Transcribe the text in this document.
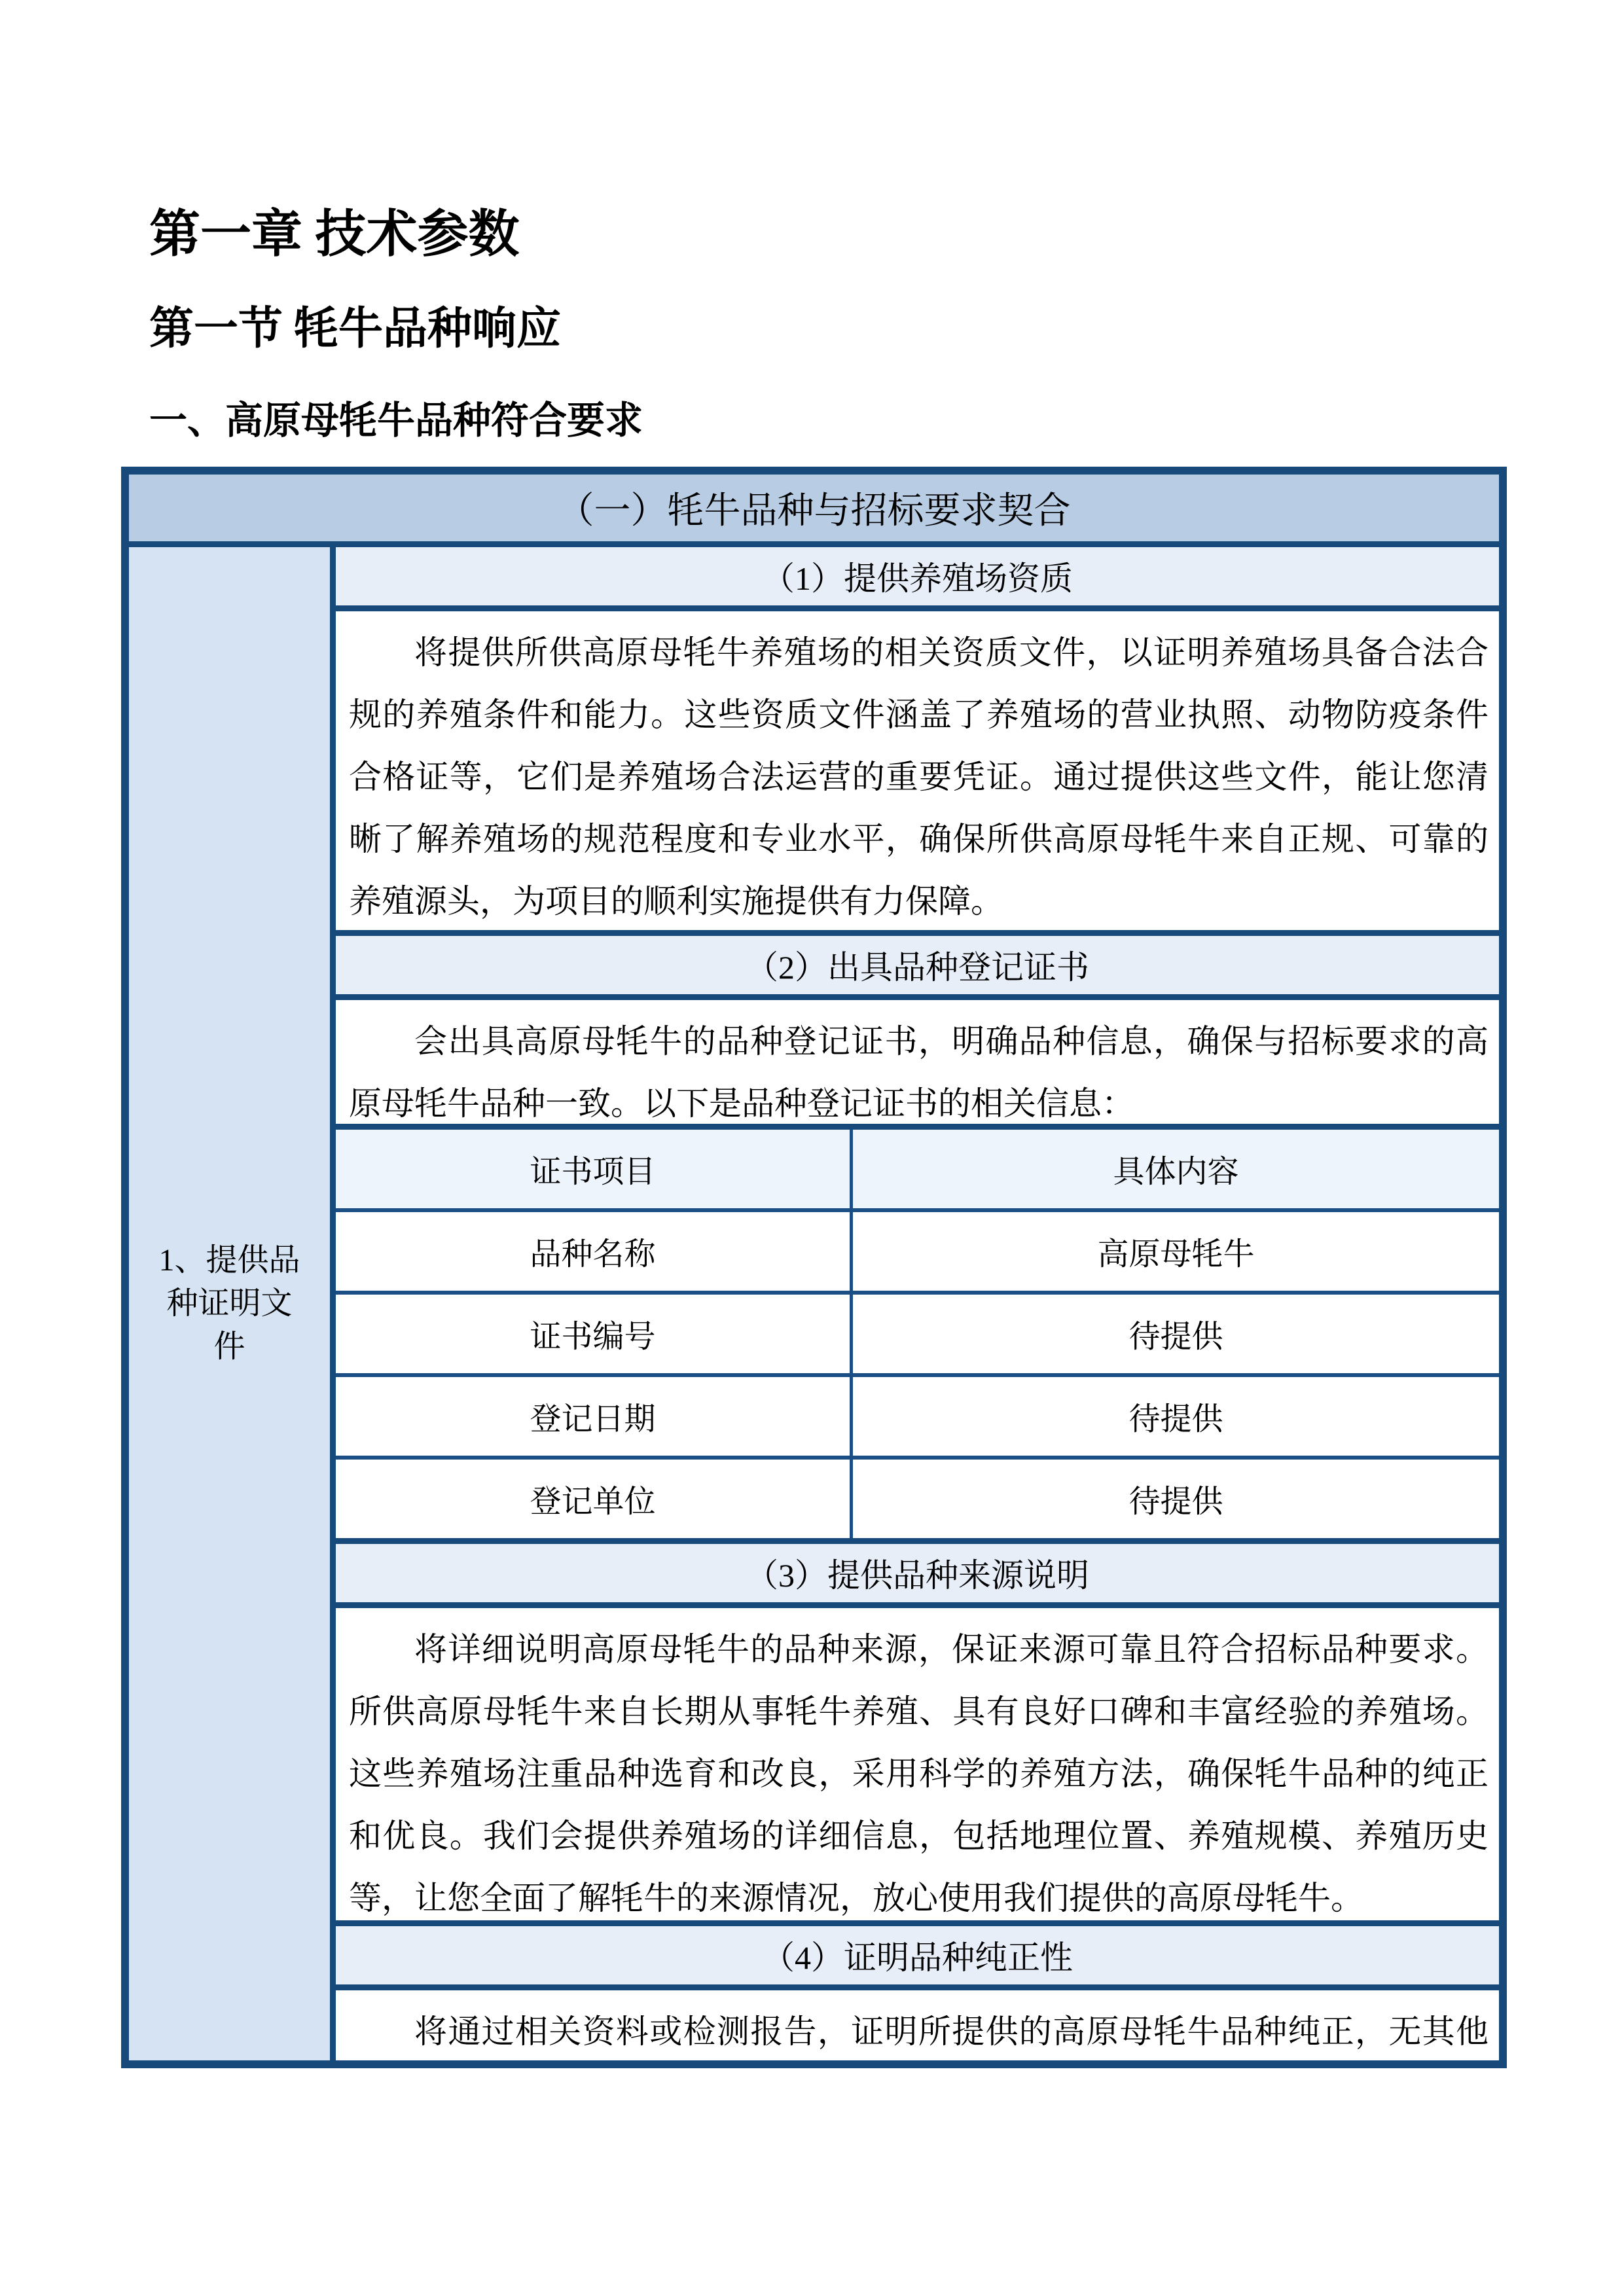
第一章 技术参数
第一节 牦牛品种响应
一、高原母牦牛品种符合要求
（一）牦牛品种与招标要求契合
1、提供品种证明文件
（1）提供养殖场资质

将提供所供高原母牦牛养殖场的相关资质文件，以证明养殖场具备合法合规的养殖条件和能力。这些资质文件涵盖了养殖场的营业执照、动物防疫条件合格证等，它们是养殖场合法运营的重要凭证。通过提供这些文件，能让您清晰了解养殖场的规范程度和专业水平，确保所供高原母牦牛来自正规、可靠的养殖源头，为项目的顺利实施提供有力保障。

（2）出具品种登记证书

会出具高原母牦牛的品种登记证书，明确品种信息，确保与招标要求的高原母牦牛品种一致。以下是品种登记证书的相关信息：

证书项目	具体内容
品种名称	高原母牦牛
证书编号	待提供
登记日期	待提供
登记单位	待提供
（3）提供品种来源说明

将详细说明高原母牦牛的品种来源，保证来源可靠且符合招标品种要求。所供高原母牦牛来自长期从事牦牛养殖、具有良好口碑和丰富经验的养殖场。这些养殖场注重品种选育和改良，采用科学的养殖方法，确保牦牛品种的纯正和优良。我们会提供养殖场的详细信息，包括地理位置、养殖规模、养殖历史等，让您全面了解牦牛的来源情况，放心使用我们提供的高原母牦牛。

（4）证明品种纯正性

将通过相关资料或检测报告，证明所提供的高原母牦牛品种纯正，无其他
